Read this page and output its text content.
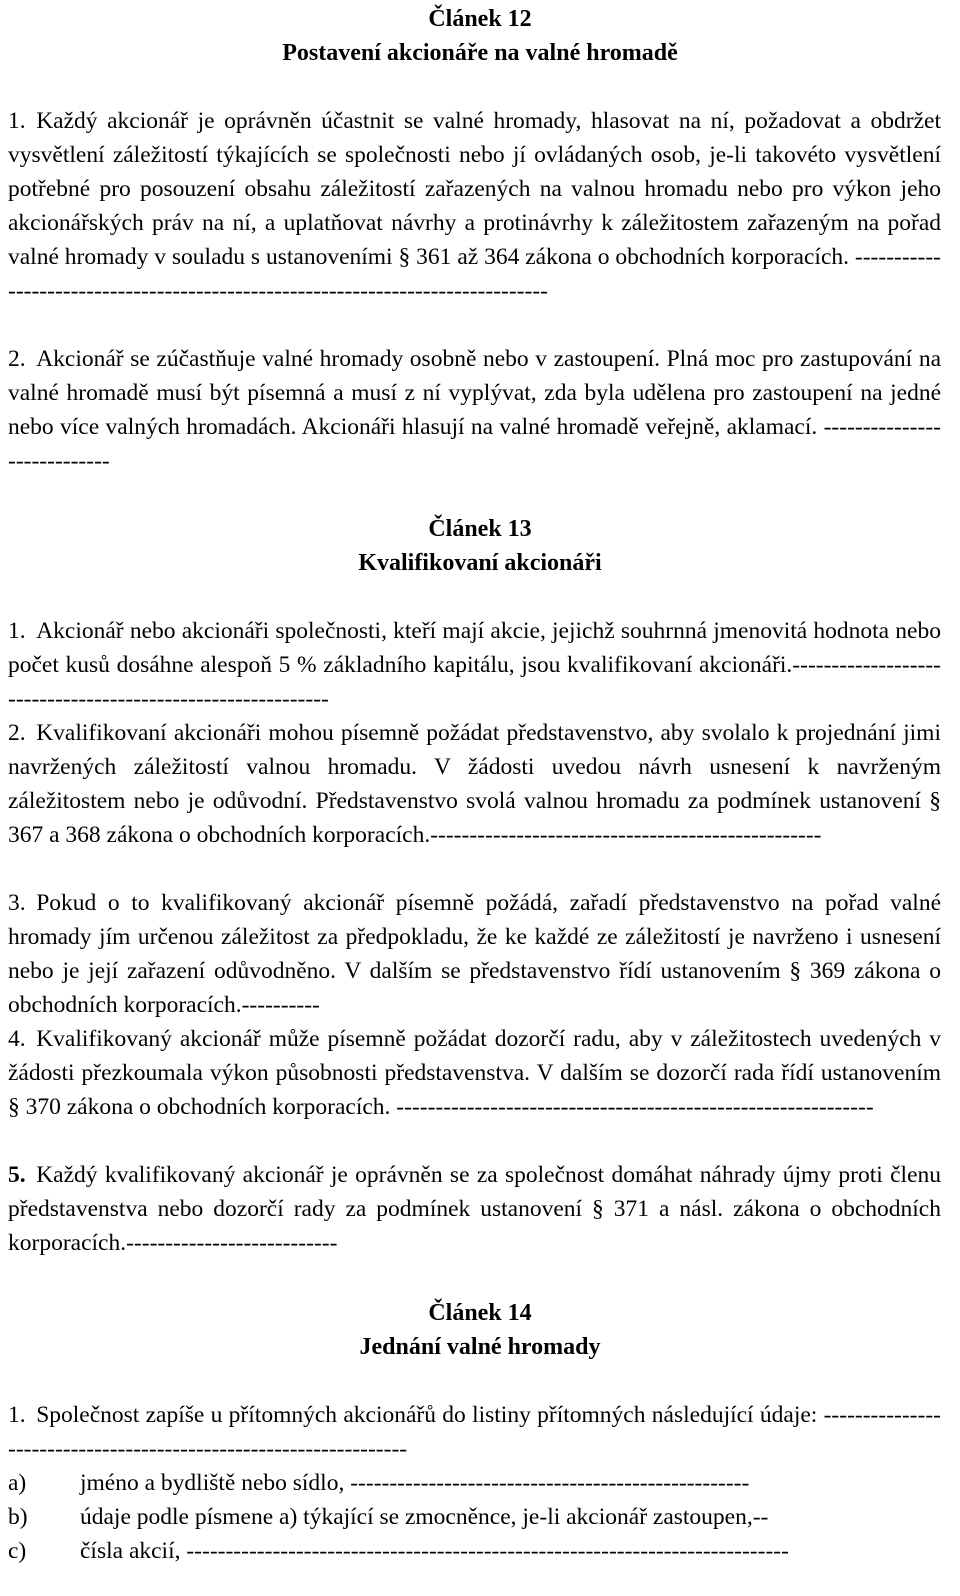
Článek 12
Postavení akcionáře na valné hromadě

1. Každý akcionář je oprávněn účastnit se valné hromady, hlasovat na ní, požadovat a obdržet vysvětlení záležitostí týkajících se společnosti nebo jí ovládaných osob, je-li takovéto vysvětlení potřebné pro posouzení obsahu záležitostí zařazených na valnou hromadu nebo pro výkon jeho akcionářských práv na ní, a uplatňovat návrhy a protinávrhy k záležitostem zařazeným na pořad valné hromady v souladu s ustanoveními § 361 až 364 zákona o obchodních korporacích. --------------------------------------------------------------------------------

2. Akcionář se zúčastňuje valné hromady osobně nebo v zastoupení. Plná moc pro zastupování na valné hromadě musí být písemná a musí z ní vyplývat, zda byla udělena pro zastoupení na jedné nebo více valných hromadách. Akcionáři hlasují na valné hromadě veřejně, aklamací. ----------------------------

Článek 13
Kvalifikovaní akcionáři

1. Akcionář nebo akcionáři společnosti, kteří mají akcie, jejichž souhrnná jmenovitá hodnota nebo počet kusů dosáhne alespoň 5 % základního kapitálu, jsou kvalifikovaní akcionáři.------------------------------------------------------------

2. Kvalifikovaní akcionáři mohou písemně požádat představenstvo, aby svolalo k projednání jimi navržených záležitostí valnou hromadu. V žádosti uvedou návrh usnesení k navrženým záležitostem nebo je odůvodní. Představenstvo svolá valnou hromadu za podmínek ustanovení § 367 a 368 zákona o obchodních korporacích.--------------------------------------------------

3. Pokud o to kvalifikovaný akcionář písemně požádá, zařadí představenstvo na pořad valné hromady jím určenou záležitost za předpokladu, že ke každé ze záležitostí je navrženo i usnesení nebo je její zařazení odůvodněno. V dalším se představenstvo řídí ustanovením § 369 zákona o obchodních korporacích.----------

4. Kvalifikovaný akcionář může písemně požádat dozorčí radu, aby v záležitostech uvedených v žádosti přezkoumala výkon působnosti představenstva. V dalším se dozorčí rada řídí ustanovením § 370 zákona o obchodních korporacích. -------------------------------------------------------------

5. Každý kvalifikovaný akcionář je oprávněn se za společnost domáhat náhrady újmy proti členu představenstva nebo dozorčí rady za podmínek ustanovení § 371 a násl. zákona o obchodních korporacích.---------------------------

Článek 14
Jednání valné hromady

1. Společnost zapíše u přítomných akcionářů do listiny přítomných následující údaje: ------------------------------------------------------------------

a) jméno a bydliště nebo sídlo, ---------------------------------------------------
b) údaje podle písmene a) týkající se zmocněnce, je-li akcionář zastoupen,--
c) čísla akcií, -----------------------------------------------------------------------------
